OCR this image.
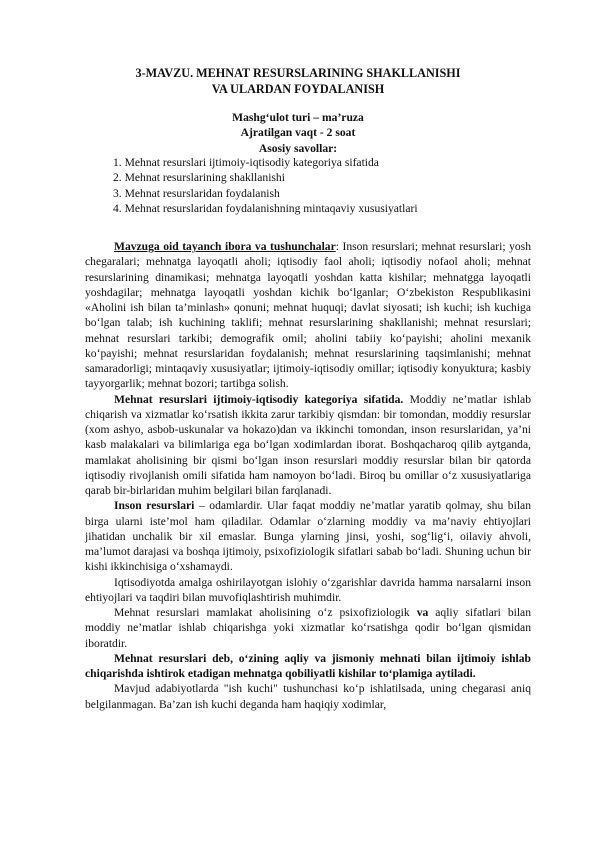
3-MAVZU. MEHNAT RESURSLARINING SHAKLLANISHI
VA ULARDAN FOYDALANISH
Mashg‘ulot turi – ma’ruza
Ajratilgan vaqt - 2 soat
Asosiy savollar:
1. Mehnat resurslari ijtimoiy-iqtisodiy kategoriya sifatida
2. Mehnat resurslarining shakllanishi
3. Mehnat resurslaridan foydalanish
4. Mehnat resurslaridan foydalanishning mintaqaviy xususiyatlari

Mavzuga oid tayanch ibora va tushunchalar: Inson resurslari; mehnat resurslari; yosh chegaralari; mehnatga layoqatli aholi; iqtisodiy faol aholi; iqtisodiy nofaol aholi; mehnat resurslarining dinamikasi; mehnatga layoqatli yoshdan katta kishilar; mehnatgga layoqatli yoshdagilar; mehnatga layoqatli yoshdan kichik bo‘lganlar; O‘zbekiston Respublikasini «Aholini ish bilan ta’minlash» qonuni; mehnat huquqi; davlat siyosati; ish kuchi; ish kuchiga bo‘lgan talab; ish kuchining taklifi; mehnat resurslarining shakllanishi; mehnat resurslari; mehnat resurslari tarkibi; demografik omil; aholini tabiiy ko‘payishi; aholini mexanik ko‘payishi; mehnat resurslaridan foydalanish; mehnat resurslarining taqsimlanishi; mehnat samaradorligi; mintaqaviy xususiyatlar; ijtimoiy-iqtisodiy omillar; iqtisodiy konyuktura; kasbiy tayyorgarlik; mehnat bozori; tartibga solish.

Mehnat resurslari ijtimoiy-iqtisodiy kategoriya sifatida. Moddiy ne’matlar ishlab chiqarish va xizmatlar ko‘rsatish ikkita zarur tarkibiy qismdan: bir tomondan, moddiy resurslar (xom ashyo, asbob-uskunalar va hokazo)dan va ikkinchi tomondan, inson resurslaridan, ya’ni kasb malakalari va bilimlariga ega bo‘lgan xodimlardan iborat. Boshqacharoq qilib aytganda, mamlakat aholisining bir qismi bo‘lgan inson resurslari moddiy resurslar bilan bir qatorda iqtisodiy rivojlanish omili sifatida ham namoyon bo‘ladi. Biroq bu omillar o‘z xususiyatlariga qarab bir-birlaridan muhim belgilari bilan farqlanadi.

Inson resurslari – odamlardir. Ular faqat moddiy ne’matlar yaratib qolmay, shu bilan birga ularni iste’mol ham qiladilar. Odamlar o‘zlarning moddiy va ma’naviy ehtiyojlari jihatidan unchalik bir xil emaslar. Bunga ylarning jinsi, yoshi, sog‘lig‘i, oilaviy ahvoli, ma’lumot darajasi va boshqa ijtimoiy, psixofiziologik sifatlari sabab bo‘ladi. Shuning uchun bir kishi ikkinchisiga o‘xshamaydi.

Iqtisodiyotda amalga oshirilayotgan islohiy o‘zgarishlar davrida hamma narsalarni inson ehtiyojlari va taqdiri bilan muvofiqlashtirish muhimdir.

Mehnat resurslari mamlakat aholisining o‘z psixofiziologik va aqliy sifatlari bilan moddiy ne’matlar ishlab chiqarishga yoki xizmatlar ko‘rsatishga qodir bo‘lgan qismidan iboratdir.

Mehnat resurslari deb, o‘zining aqliy va jismoniy mehnati bilan ijtimoiy ishlab chiqarishda ishtirok etadigan mehnatga qobiliyatli kishilar to‘plamiga aytiladi.

Mavjud adabiyotlarda "ish kuchi" tushunchasi ko‘p ishlatilsada, uning chegarasi aniq belgilanmagan. Ba’zan ish kuchi deganda ham haqiqiy xodimlar,
